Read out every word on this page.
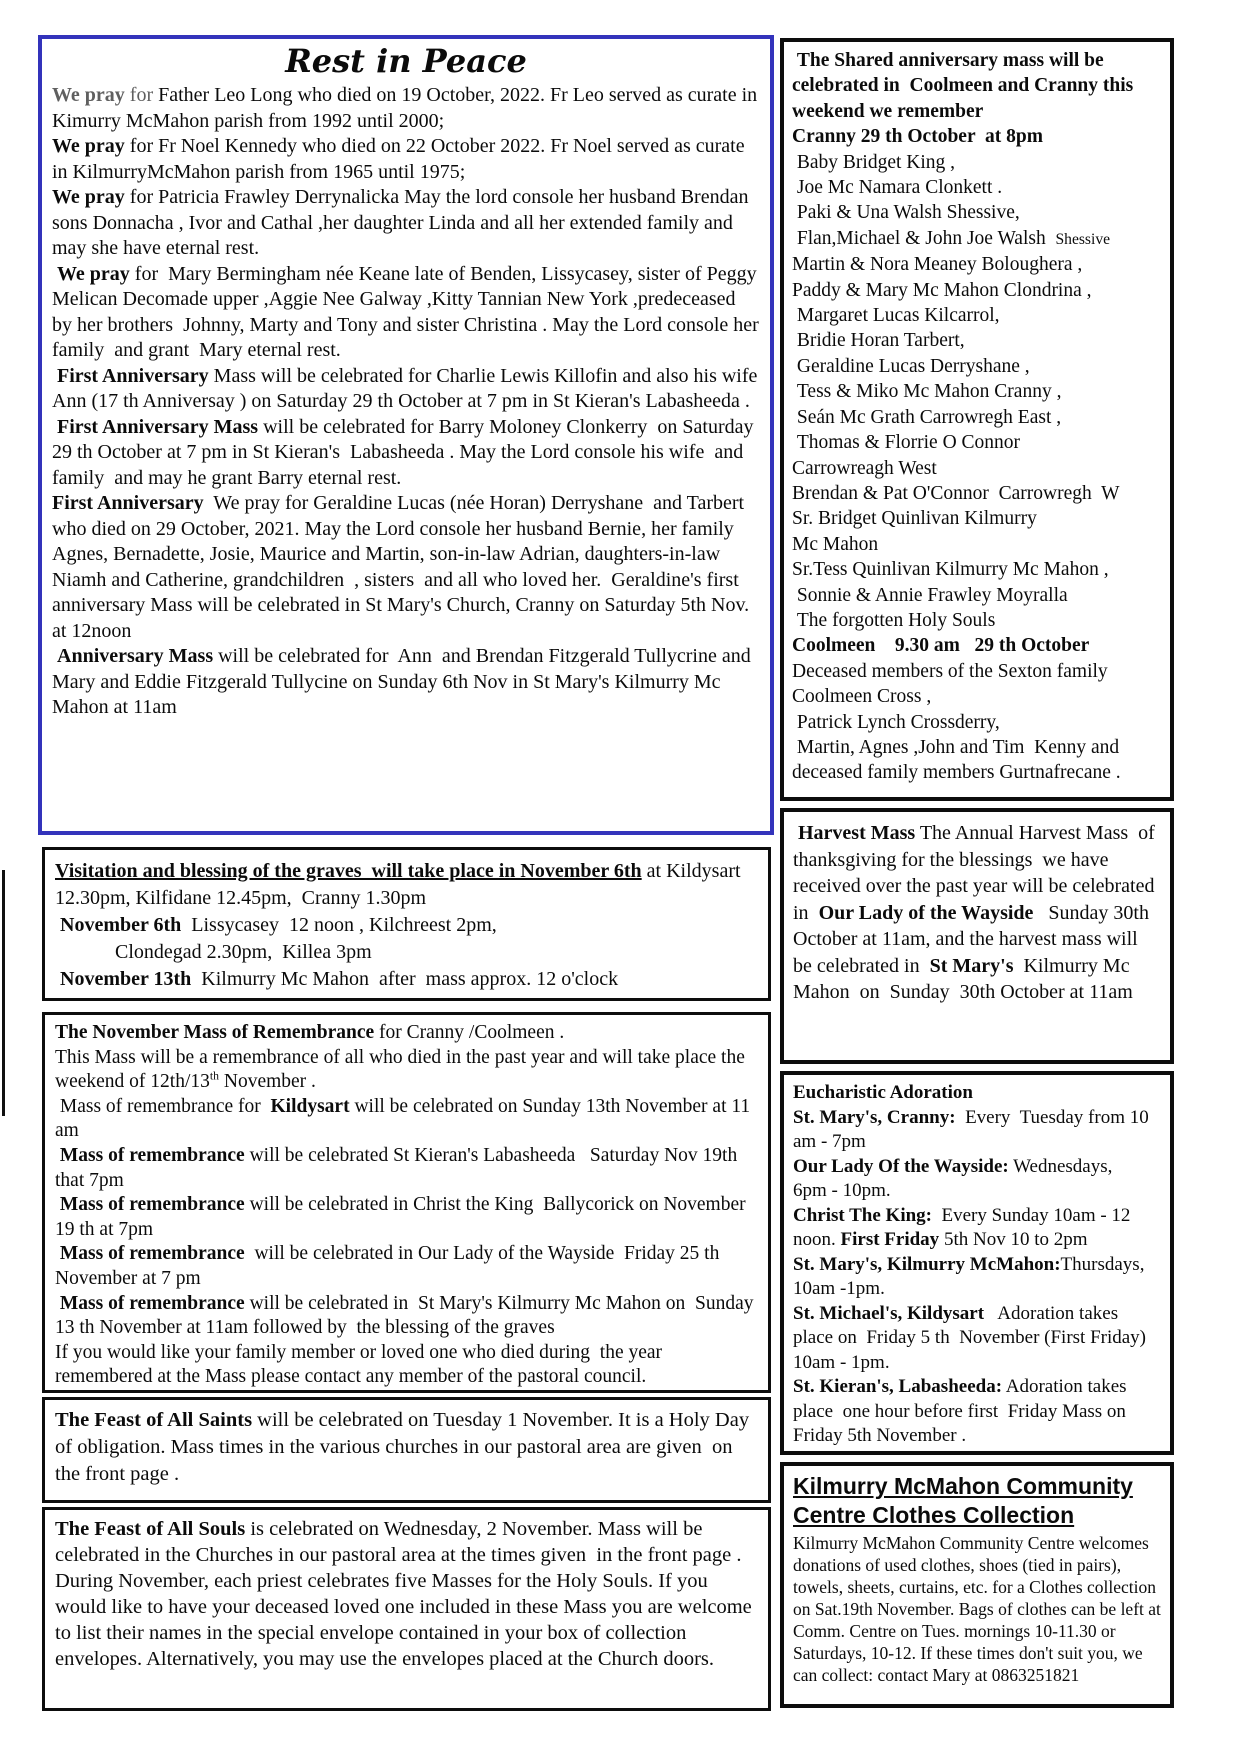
Rest in Peace

We pray for Father Leo Long who died on 19 October, 2022. Fr Leo served as curate in Kimurry McMahon parish from 1992 until 2000;

We pray for Fr Noel Kennedy who died on 22 October 2022. Fr Noel served as curate in KilmurryMcMahon parish from 1965 until 1975;

We pray for Patricia Frawley Derrynalicka May the lord console her husband Brendan sons Donnacha , Ivor and Cathal ,her daughter Linda and all her extended family and may she have eternal rest.

We pray for  Mary Bermingham née Keane late of Benden, Lissycasey, sister of Peggy Melican Decomade upper ,Aggie Nee Galway ,Kitty Tannian New York ,predeceased by her brothers  Johnny, Marty and Tony and sister Christina . May the Lord console her family  and grant  Mary eternal rest.

First Anniversary Mass will be celebrated for Charlie Lewis Killofin and also his wife Ann (17 th Anniversay ) on Saturday 29 th October at 7 pm in St Kieran's Labasheeda .

First Anniversary Mass will be celebrated for Barry Moloney Clonkerry  on Saturday 29 th October at 7 pm in St Kieran's  Labasheeda . May the Lord console his wife  and  family  and may he grant Barry eternal rest.

First Anniversary  We pray for Geraldine Lucas (née Horan) Derryshane  and Tarbert who died on 29 October, 2021. May the Lord console her husband Bernie, her family Agnes, Bernadette, Josie, Maurice and Martin, son-in-law Adrian, daughters-in-law Niamh and Catherine, grandchildren  , sisters  and all who loved her.  Geraldine's first anniversary Mass will be celebrated in St Mary's Church, Cranny on Saturday 5th Nov. at 12noon

Anniversary Mass will be celebrated for  Ann  and Brendan Fitzgerald Tullycrine and  Mary and Eddie Fitzgerald Tullycine on Sunday 6th Nov in St Mary's Kilmurry Mc Mahon at 11am

Visitation and blessing of the graves  will take place in November 6th at Kildysart 12.30pm, Kilfidane 12.45pm,  Cranny 1.30pm

November 6th  Lissycasey  12 noon , Kilchreest 2pm,

Clondegad 2.30pm,  Killea 3pm

November 13th  Kilmurry Mc Mahon  after  mass approx. 12 o'clock

The November Mass of Remembrance for Cranny /Coolmeen .

This Mass will be a remembrance of all who died in the past year and will take place the weekend of 12th/13th November .

Mass of remembrance for  Kildysart will be celebrated on Sunday 13th November at 11 am

Mass of remembrance will be celebrated St Kieran's Labasheeda   Saturday Nov 19th  that 7pm

Mass of remembrance will be celebrated in Christ the King  Ballycorick on November  19 th at 7pm

Mass of remembrance  will be celebrated in Our Lady of the Wayside  Friday 25 th November at 7 pm

Mass of remembrance will be celebrated in  St Mary's Kilmurry Mc Mahon on  Sunday 13 th November at 11am followed by  the blessing of the graves

If you would like your family member or loved one who died during  the year remembered at the Mass please contact any member of the pastoral council.

The Feast of All Saints will be celebrated on Tuesday 1 November. It is a Holy Day of obligation. Mass times in the various churches in our pastoral area are given  on the front page .

The Feast of All Souls is celebrated on Wednesday, 2 November. Mass will be celebrated in the Churches in our pastoral area at the times given  in the front page . During November, each priest celebrates five Masses for the Holy Souls. If you would like to have your deceased loved one included in these Mass you are welcome to list their names in the special envelope contained in your box of collection envelopes. Alternatively, you may use the envelopes placed at the Church doors.

The Shared anniversary mass will be celebrated in  Coolmeen and Cranny this weekend we remember

Cranny 29 th October  at 8pm

Baby Bridget King ,

Joe Mc Namara Clonkett .

Paki & Una Walsh Shessive,

Flan,Michael & John Joe Walsh  Shessive

Martin & Nora Meaney Boloughera ,

Paddy & Mary Mc Mahon Clondrina ,

Margaret Lucas Kilcarrol,

Bridie Horan Tarbert,

Geraldine Lucas Derryshane ,

Tess & Miko Mc Mahon Cranny ,

Seán Mc Grath Carrowregh East ,

Thomas & Florrie O Connor

Carrowreagh West

Brendan & Pat O'Connor  Carrowregh  W

Sr. Bridget Quinlivan Kilmurry

Mc Mahon

Sr.Tess Quinlivan Kilmurry Mc Mahon ,

Sonnie & Annie Frawley Moyralla

The forgotten Holy Souls

Coolmeen    9.30 am   29 th October

Deceased members of the Sexton family

Coolmeen Cross ,

Patrick Lynch Crossderry,

Martin, Agnes ,John and Tim  Kenny and

deceased family members Gurtnafrecane .

Harvest Mass The Annual Harvest Mass  of thanksgiving for the blessings  we have received over the past year will be celebrated in  Our Lady of the Wayside   Sunday 30th October at 11am, and the harvest mass will be celebrated in  St Mary's  Kilmurry Mc Mahon  on  Sunday  30th October at 11am

Eucharistic Adoration

St. Mary's, Cranny:  Every  Tuesday from 10 am - 7pm

Our Lady Of the Wayside: Wednesdays,      6pm - 10pm.

Christ The King:  Every Sunday 10am - 12 noon. First Friday 5th Nov 10 to 2pm

St. Mary's, Kilmurry McMahon:Thursdays, 10am -1pm.

St. Michael's, Kildysart   Adoration takes place on  Friday 5 th  November (First Friday) 10am - 1pm.

St. Kieran's, Labasheeda: Adoration takes place  one hour before first  Friday Mass on Friday 5th November .

Kilmurry McMahon Community Centre Clothes Collection

Kilmurry McMahon Community Centre welcomes donations of used clothes, shoes (tied in pairs), towels, sheets, curtains, etc. for a Clothes collection on Sat.19th November. Bags of clothes can be left at Comm. Centre on Tues. mornings 10-11.30 or Saturdays, 10-12. If these times don't suit you, we can collect: contact Mary at 0863251821
